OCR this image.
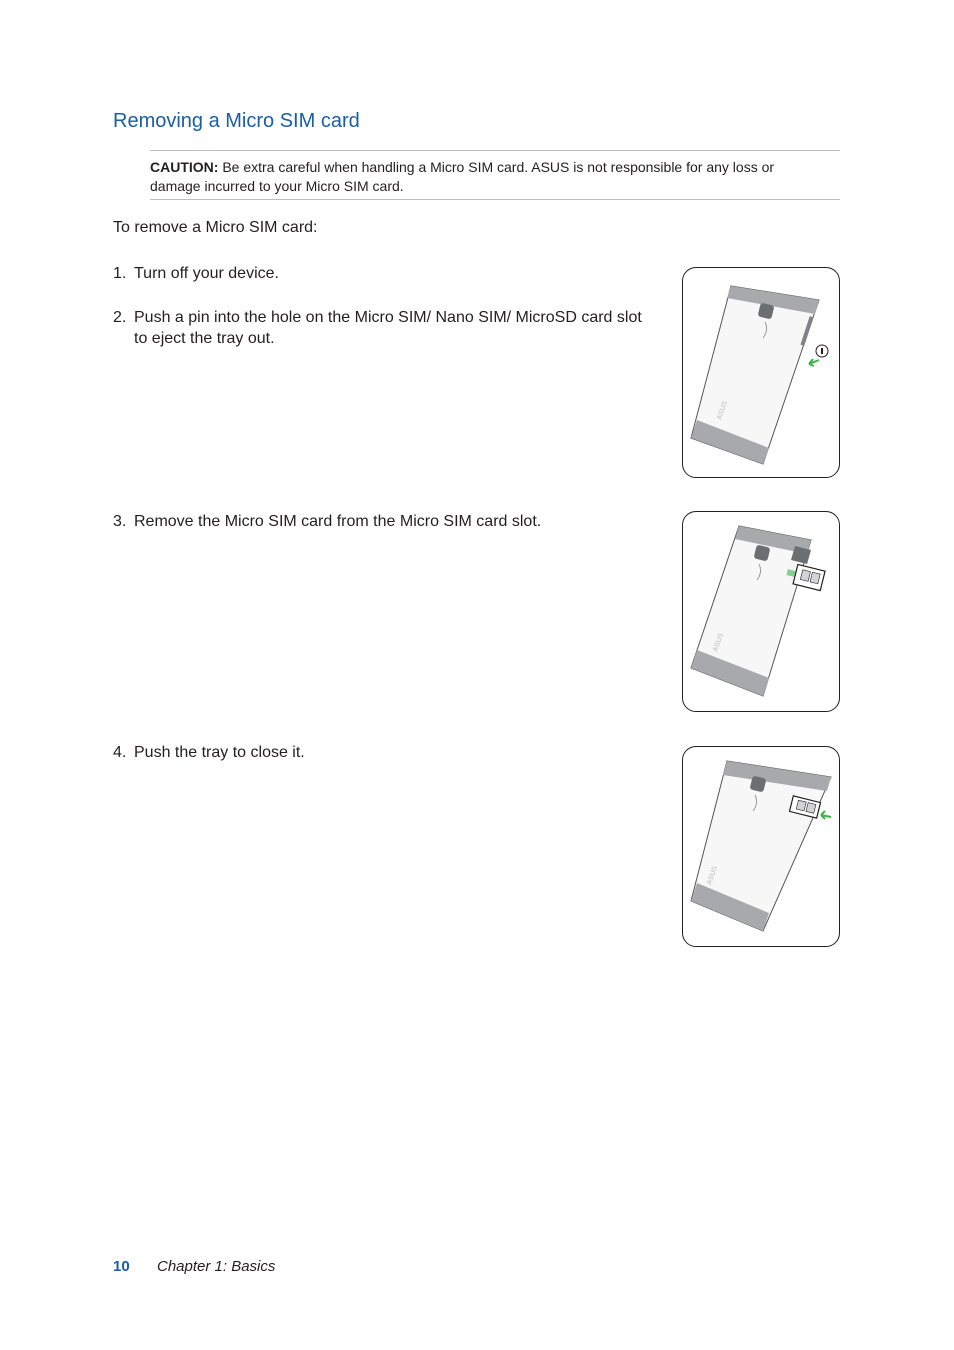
Removing a Micro SIM card
CAUTION: Be extra careful when handling a Micro SIM card. ASUS is not responsible for any loss or damage incurred to your Micro SIM card.
To remove a Micro SIM card:
1. Turn off your device.
2. Push a pin into the hole on the Micro SIM/ Nano SIM/ MicroSD card slot to eject the tray out.
3. Remove the Micro SIM card from the Micro SIM card slot.
4. Push the tray to close it.
ASUS
ASUS
ASUS
10 Chapter 1: Basics
